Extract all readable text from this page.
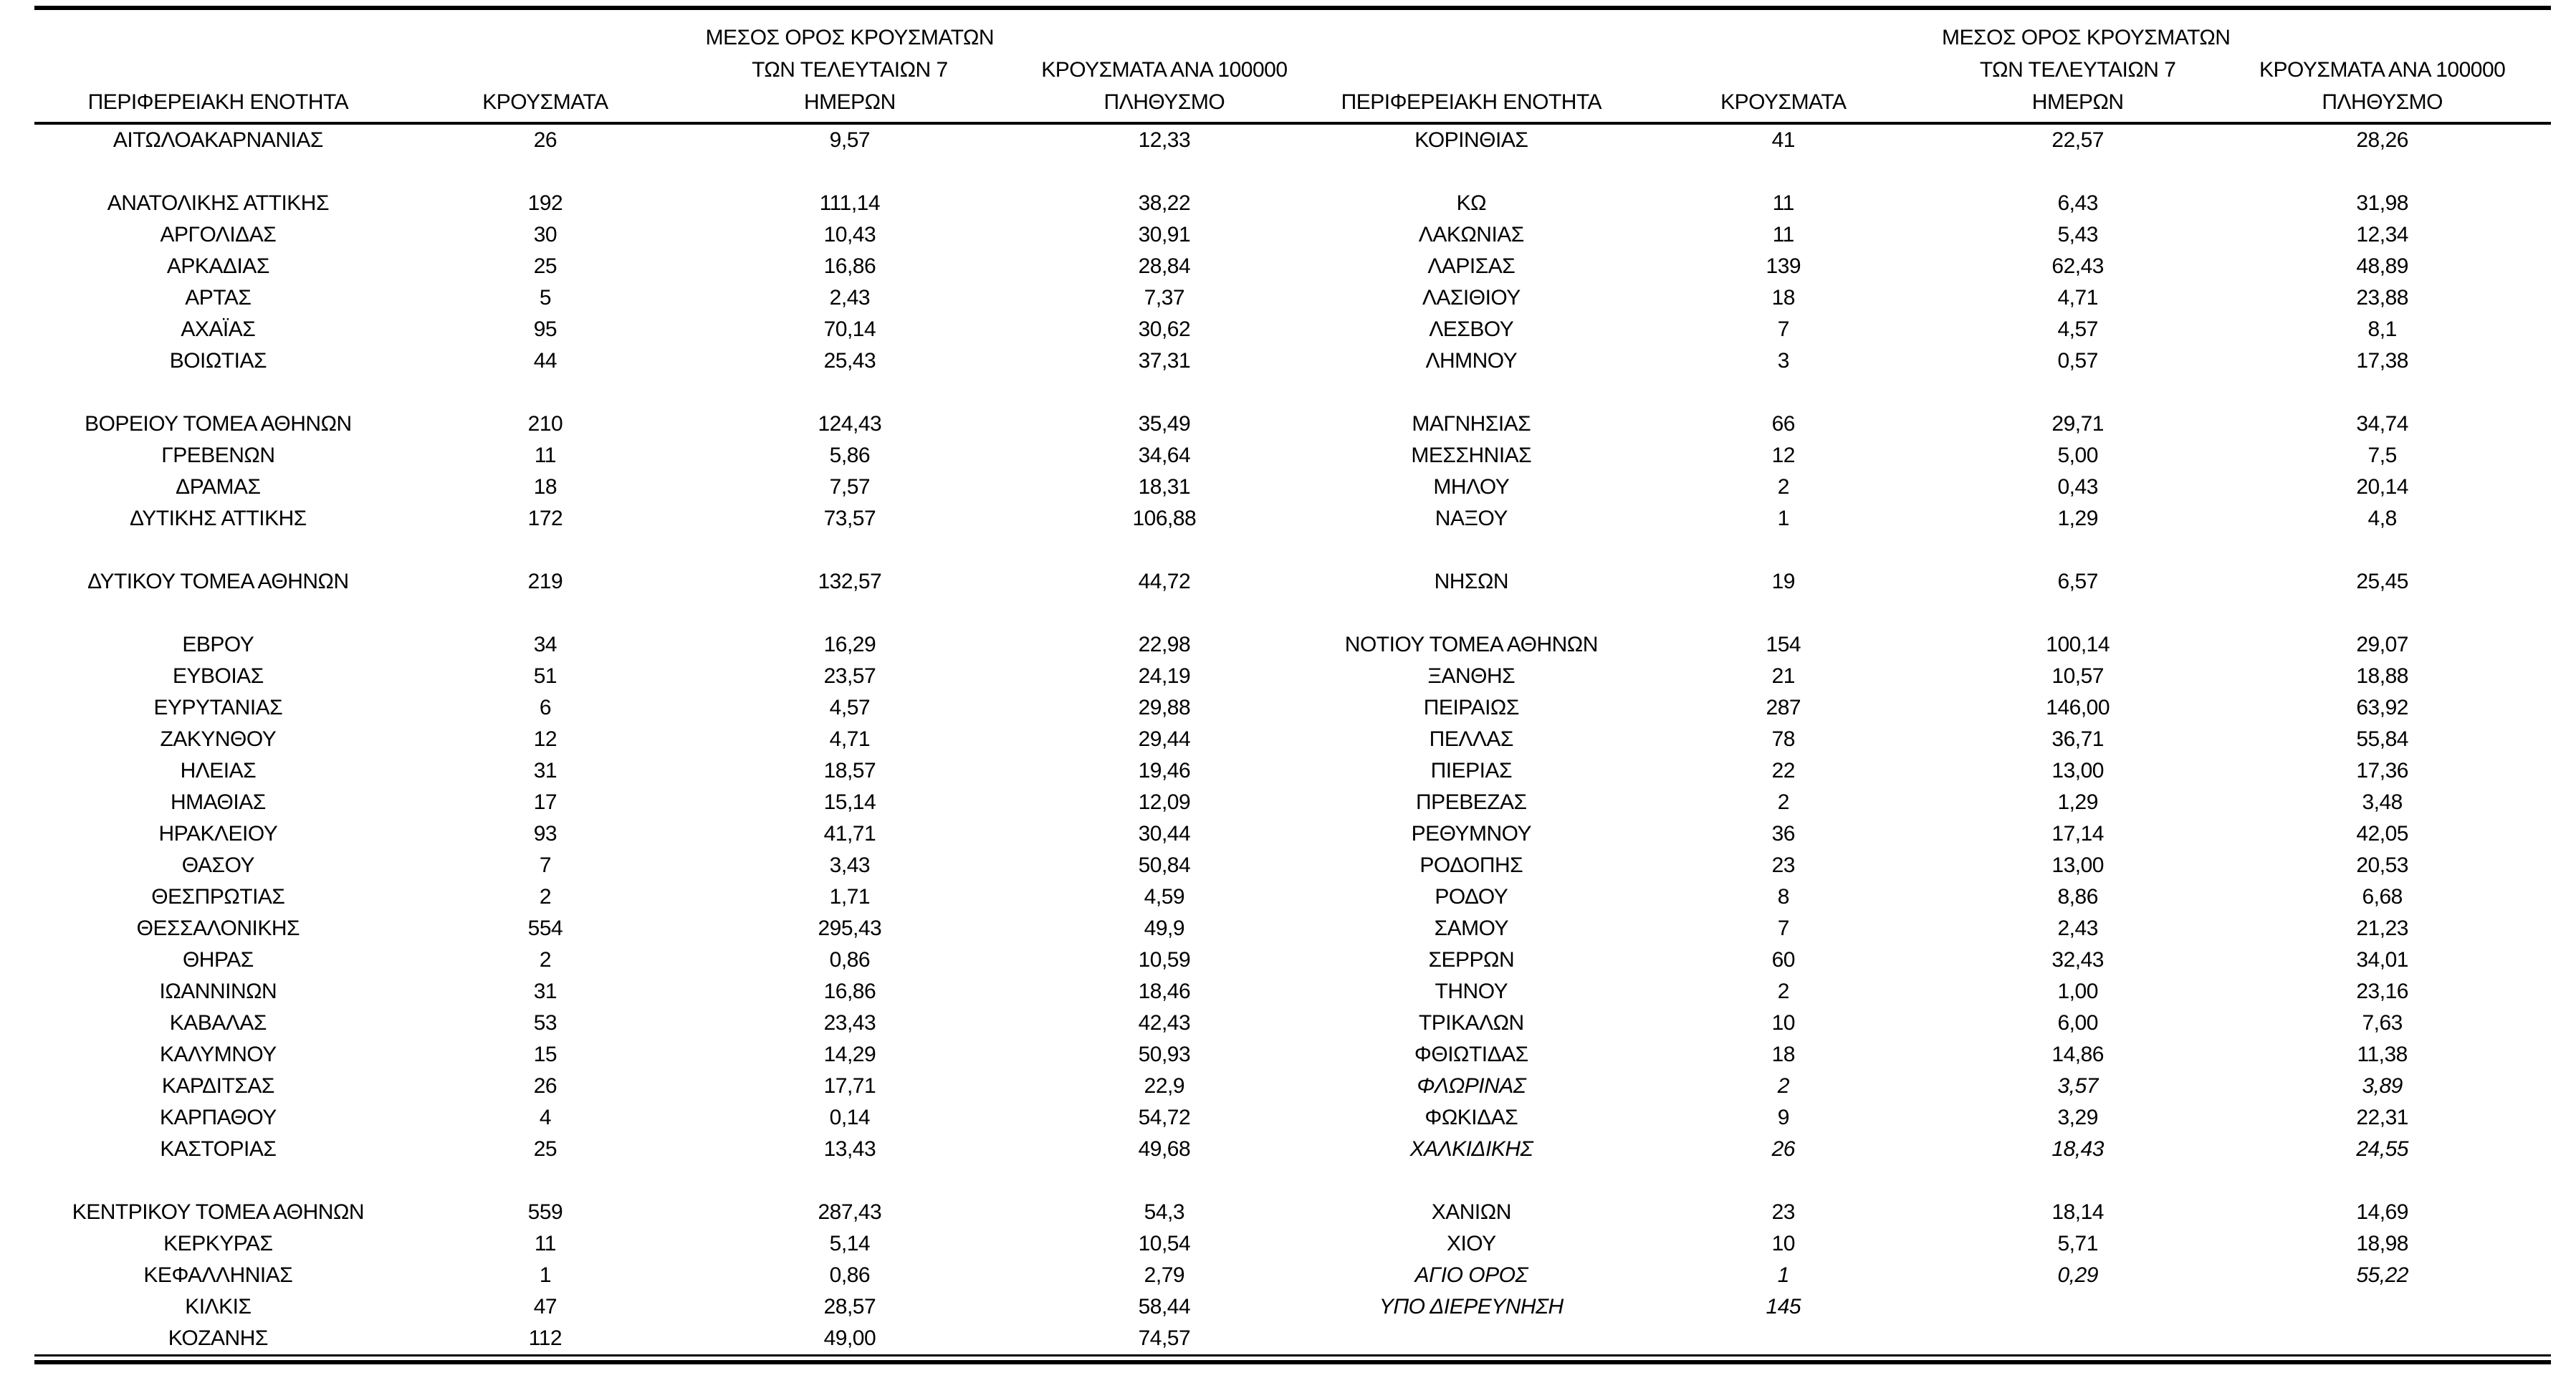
ΠΕΡΙΦΕΡΕΙΑΚΗ ΕΝΟΤΗΤΑ	ΚΡΟΥΣΜΑΤΑ	ΜΕΣΟΣ ΟΡΟΣ ΚΡΟΥΣΜΑΤΩΝ
ΤΩΝ ΤΕΛΕΥΤΑΙΩΝ 7
ΗΜΕΡΩΝ	ΚΡΟΥΣΜΑΤΑ ΑΝΑ 100000
ΠΛΗΘΥΣΜΟ	ΠΕΡΙΦΕΡΕΙΑΚΗ ΕΝΟΤΗΤΑ	ΚΡΟΥΣΜΑΤΑ	ΜΕΣΟΣ ΟΡΟΣ ΚΡΟΥΣΜΑΤΩΝ
ΤΩΝ ΤΕΛΕΥΤΑΙΩΝ 7
ΗΜΕΡΩΝ	ΚΡΟΥΣΜΑΤΑ ΑΝΑ 100000
ΠΛΗΘΥΣΜΟ
ΑΙΤΩΛΟΑΚΑΡΝΑΝΙΑΣ	26	9,57	12,33	ΚΟΡΙΝΘΙΑΣ	41	22,57	28,26

ΑΝΑΤΟΛΙΚΗΣ ΑΤΤΙΚΗΣ	192	111,14	38,22	ΚΩ	11	6,43	31,98
ΑΡΓΟΛΙΔΑΣ	30	10,43	30,91	ΛΑΚΩΝΙΑΣ	11	5,43	12,34
ΑΡΚΑΔΙΑΣ	25	16,86	28,84	ΛΑΡΙΣΑΣ	139	62,43	48,89
ΑΡΤΑΣ	5	2,43	7,37	ΛΑΣΙΘΙΟΥ	18	4,71	23,88
ΑΧΑΪΑΣ	95	70,14	30,62	ΛΕΣΒΟΥ	7	4,57	8,1
ΒΟΙΩΤΙΑΣ	44	25,43	37,31	ΛΗΜΝΟΥ	3	0,57	17,38

ΒΟΡΕΙΟΥ ΤΟΜΕΑ ΑΘΗΝΩΝ	210	124,43	35,49	ΜΑΓΝΗΣΙΑΣ	66	29,71	34,74
ΓΡΕΒΕΝΩΝ	11	5,86	34,64	ΜΕΣΣΗΝΙΑΣ	12	5,00	7,5
ΔΡΑΜΑΣ	18	7,57	18,31	ΜΗΛΟΥ	2	0,43	20,14
ΔΥΤΙΚΗΣ ΑΤΤΙΚΗΣ	172	73,57	106,88	ΝΑΞΟΥ	1	1,29	4,8

ΔΥΤΙΚΟΥ ΤΟΜΕΑ ΑΘΗΝΩΝ	219	132,57	44,72	ΝΗΣΩΝ	19	6,57	25,45

ΕΒΡΟΥ	34	16,29	22,98	ΝΟΤΙΟΥ ΤΟΜΕΑ ΑΘΗΝΩΝ	154	100,14	29,07
ΕΥΒΟΙΑΣ	51	23,57	24,19	ΞΑΝΘΗΣ	21	10,57	18,88
ΕΥΡΥΤΑΝΙΑΣ	6	4,57	29,88	ΠΕΙΡΑΙΩΣ	287	146,00	63,92
ΖΑΚΥΝΘΟΥ	12	4,71	29,44	ΠΕΛΛΑΣ	78	36,71	55,84
ΗΛΕΙΑΣ	31	18,57	19,46	ΠΙΕΡΙΑΣ	22	13,00	17,36
ΗΜΑΘΙΑΣ	17	15,14	12,09	ΠΡΕΒΕΖΑΣ	2	1,29	3,48
ΗΡΑΚΛΕΙΟΥ	93	41,71	30,44	ΡΕΘΥΜΝΟΥ	36	17,14	42,05
ΘΑΣΟΥ	7	3,43	50,84	ΡΟΔΟΠΗΣ	23	13,00	20,53
ΘΕΣΠΡΩΤΙΑΣ	2	1,71	4,59	ΡΟΔΟΥ	8	8,86	6,68
ΘΕΣΣΑΛΟΝΙΚΗΣ	554	295,43	49,9	ΣΑΜΟΥ	7	2,43	21,23
ΘΗΡΑΣ	2	0,86	10,59	ΣΕΡΡΩΝ	60	32,43	34,01
ΙΩΑΝΝΙΝΩΝ	31	16,86	18,46	ΤΗΝΟΥ	2	1,00	23,16
ΚΑΒΑΛΑΣ	53	23,43	42,43	ΤΡΙΚΑΛΩΝ	10	6,00	7,63
ΚΑΛΥΜΝΟΥ	15	14,29	50,93	ΦΘΙΩΤΙΔΑΣ	18	14,86	11,38
ΚΑΡΔΙΤΣΑΣ	26	17,71	22,9	ΦΛΩΡΙΝΑΣ	2	3,57	3,89
ΚΑΡΠΑΘΟΥ	4	0,14	54,72	ΦΩΚΙΔΑΣ	9	3,29	22,31
ΚΑΣΤΟΡΙΑΣ	25	13,43	49,68	ΧΑΛΚΙΔΙΚΗΣ	26	18,43	24,55

ΚΕΝΤΡΙΚΟΥ ΤΟΜΕΑ ΑΘΗΝΩΝ	559	287,43	54,3	ΧΑΝΙΩΝ	23	18,14	14,69
ΚΕΡΚΥΡΑΣ	11	5,14	10,54	ΧΙΟΥ	10	5,71	18,98
ΚΕΦΑΛΛΗΝΙΑΣ	1	0,86	2,79	ΑΓΙΟ ΟΡΟΣ	1	0,29	55,22
ΚΙΛΚΙΣ	47	28,57	58,44	ΥΠΟ ΔΙΕΡΕΥΝΗΣΗ	145		
ΚΟΖΑΝΗΣ	112	49,00	74,57				
